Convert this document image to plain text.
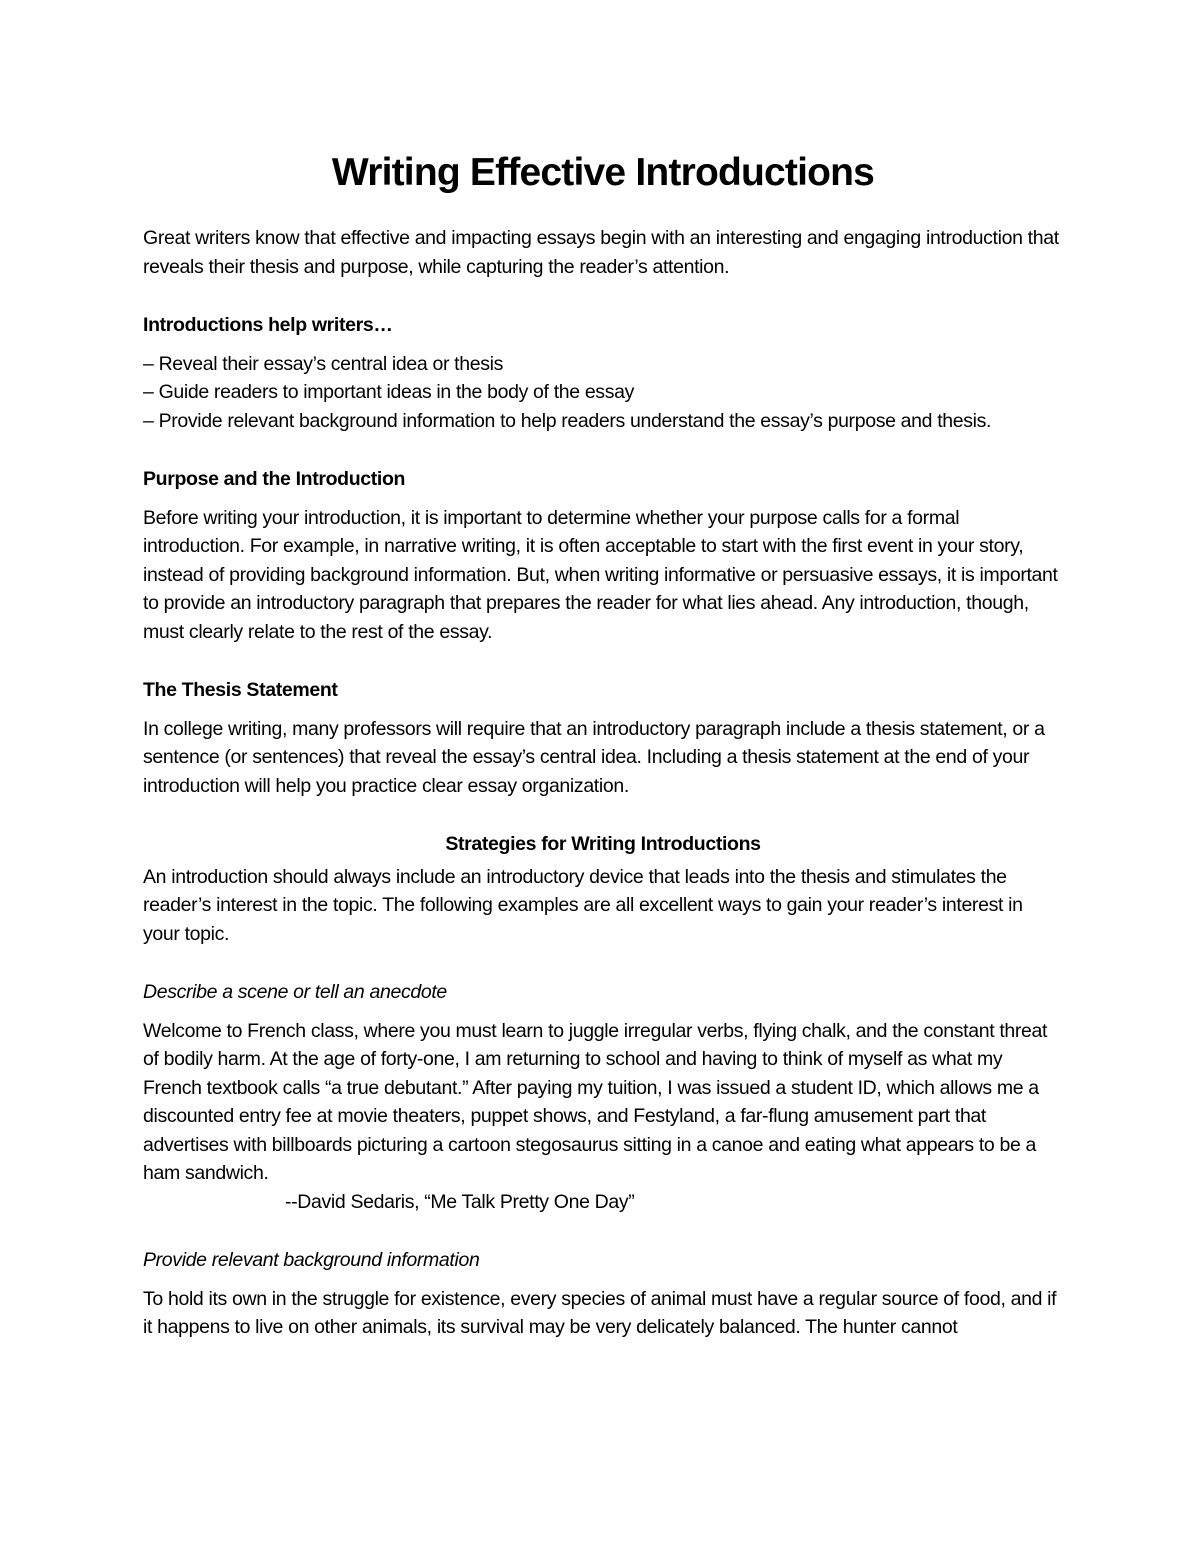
Writing Effective Introductions

Great writers know that effective and impacting essays begin with an interesting and engaging introduction that reveals their thesis and purpose, while capturing the reader’s attention.

Introductions help writers…

– Reveal their essay’s central idea or thesis
– Guide readers to important ideas in the body of the essay
– Provide relevant background information to help readers understand the essay’s purpose and thesis.

Purpose and the Introduction

Before writing your introduction, it is important to determine whether your purpose calls for a formal introduction. For example, in narrative writing, it is often acceptable to start with the first event in your story, instead of providing background information. But, when writing informative or persuasive essays, it is important to provide an introductory paragraph that prepares the reader for what lies ahead. Any introduction, though, must clearly relate to the rest of the essay.

The Thesis Statement

In college writing, many professors will require that an introductory paragraph include a thesis statement, or a sentence (or sentences) that reveal the essay’s central idea. Including a thesis statement at the end of your introduction will help you practice clear essay organization.

Strategies for Writing Introductions

An introduction should always include an introductory device that leads into the thesis and stimulates the reader’s interest in the topic. The following examples are all excellent ways to gain your reader’s interest in your topic.

Describe a scene or tell an anecdote

Welcome to French class, where you must learn to juggle irregular verbs, flying chalk, and the constant threat of bodily harm. At the age of forty-one, I am returning to school and having to think of myself as what my French textbook calls “a true debutant.” After paying my tuition, I was issued a student ID, which allows me a discounted entry fee at movie theaters, puppet shows, and Festyland, a far-flung amusement part that advertises with billboards picturing a cartoon stegosaurus sitting in a canoe and eating what appears to be a ham sandwich.

--David Sedaris, “Me Talk Pretty One Day”

Provide relevant background information

To hold its own in the struggle for existence, every species of animal must have a regular source of food, and if it happens to live on other animals, its survival may be very delicately balanced. The hunter cannot
